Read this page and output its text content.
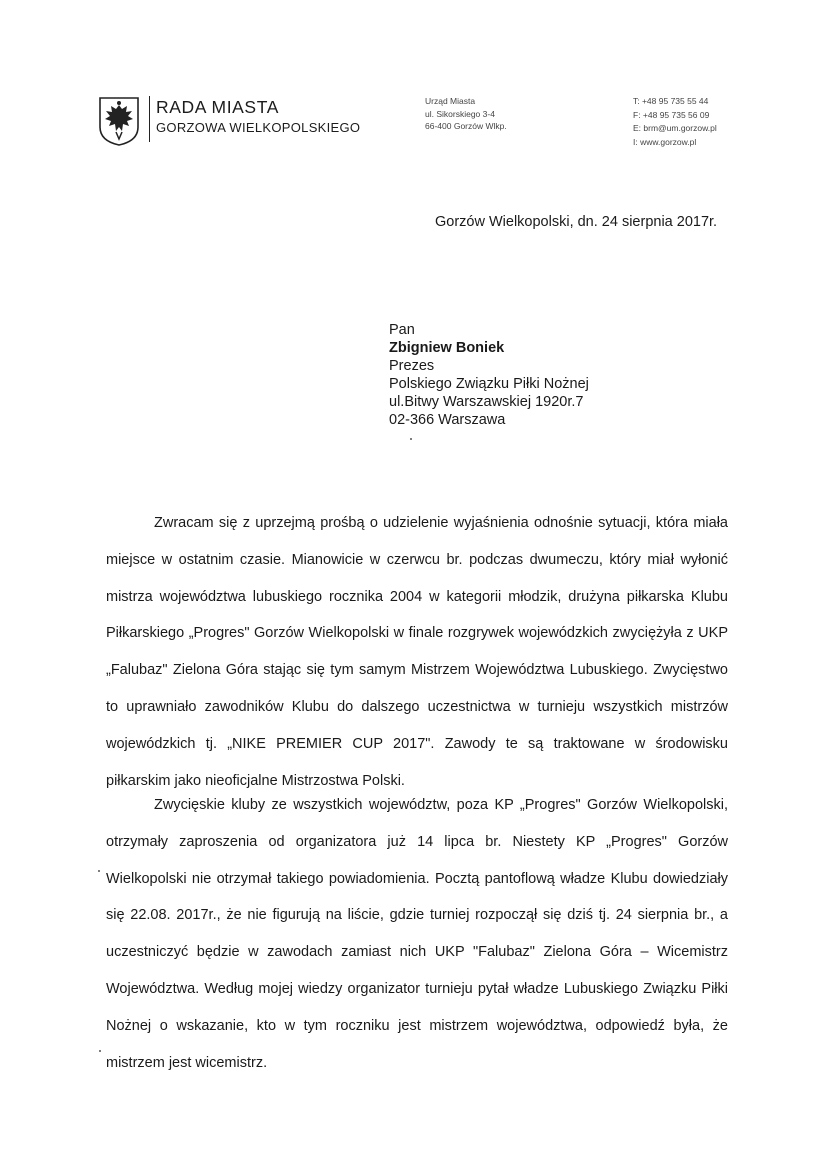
RADA MIASTA
GORZOWA WIELKOPOLSKIEGO
Urząd Miasta
ul. Sikorskiego 3-4
66-400 Gorzów Wlkp.
T: +48 95 735 55 44
F: +48 95 735 56 09
E: brm@um.gorzow.pl
I: www.gorzow.pl
Gorzów Wielkopolski, dn. 24 sierpnia 2017r.
Pan
Zbigniew Boniek
Prezes
Polskiego Związku Piłki Nożnej
ul.Bitwy Warszawskiej 1920r.7
02-366 Warszawa

Zwracam się z uprzejmą prośbą o udzielenie wyjaśnienia odnośnie sytuacji, która miała miejsce w ostatnim czasie. Mianowicie w czerwcu br. podczas dwumeczu, który miał wyłonić mistrza województwa lubuskiego rocznika 2004 w kategorii młodzik, drużyna piłkarska Klubu Piłkarskiego „Progres" Gorzów Wielkopolski w finale rozgrywek wojewódzkich zwyciężyła z UKP „Falubaz" Zielona Góra stając się tym samym Mistrzem Województwa Lubuskiego. Zwycięstwo to uprawniało zawodników Klubu do dalszego uczestnictwa w turnieju wszystkich mistrzów wojewódzkich tj. „NIKE PREMIER CUP 2017". Zawody te są traktowane w środowisku piłkarskim jako nieoficjalne Mistrzostwa Polski.

Zwycięskie kluby ze wszystkich województw, poza KP „Progres" Gorzów Wielkopolski, otrzymały zaproszenia od organizatora już 14 lipca br. Niestety KP „Progres" Gorzów Wielkopolski nie otrzymał takiego powiadomienia. Pocztą pantoflową władze Klubu dowiedziały się 22.08. 2017r., że nie figurują na liście, gdzie turniej rozpoczął się dziś tj. 24 sierpnia br., a uczestniczyć będzie w zawodach zamiast nich UKP "Falubaz" Zielona Góra – Wicemistrz Województwa. Według mojej wiedzy organizator turnieju pytał władze Lubuskiego Związku Piłki Nożnej o wskazanie, kto w tym roczniku jest mistrzem województwa, odpowiedź była, że mistrzem jest wicemistrz.
